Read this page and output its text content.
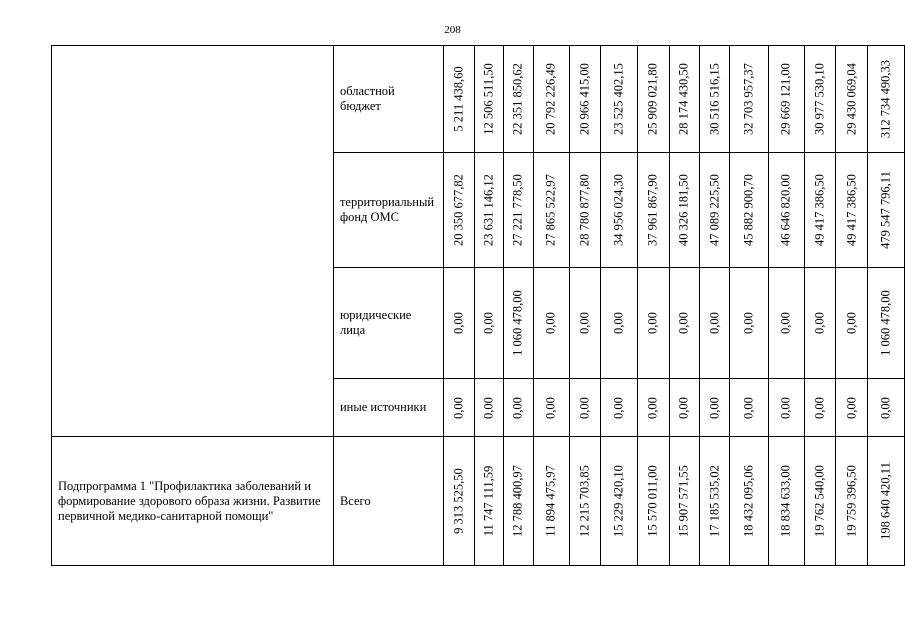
208
	областной бюджет	5 211 438,60	12 506 511,50	22 351 850,62	20 792 226,49	20 966 415,00	23 525 402,15	25 909 021,80	28 174 430,50	30 516 516,15	32 703 957,37	29 669 121,00	30 977 530,10	29 430 069,04	312 734 490,33

	территориальный фонд ОМС	20 350 677,82	23 631 146,12	27 221 778,50	27 865 522,97	28 780 877,80	34 956 024,30	37 961 867,90	40 326 181,50	47 089 225,50	45 882 900,70	46 646 820,00	49 417 386,50	49 417 386,50	479 547 796,11

	юридические лица	0,00	0,00	1 060 478,00	0,00	0,00	0,00	0,00	0,00	0,00	0,00	0,00	0,00	0,00	1 060 478,00

	иные источники	0,00	0,00	0,00	0,00	0,00	0,00	0,00	0,00	0,00	0,00	0,00	0,00	0,00	0,00

Подпрограмма 1 "Профилактика заболеваний и формирование здорового образа жизни. Развитие первичной медико-санитарной помощи"	Всего	9 313 525,50	11 747 111,59	12 788 400,97	11 894 475,97	12 215 703,85	15 229 420,10	15 570 011,00	15 907 571,55	17 185 535,02	18 432 095,06	18 834 633,00	19 762 540,00	19 759 396,50	198 640 420,11
